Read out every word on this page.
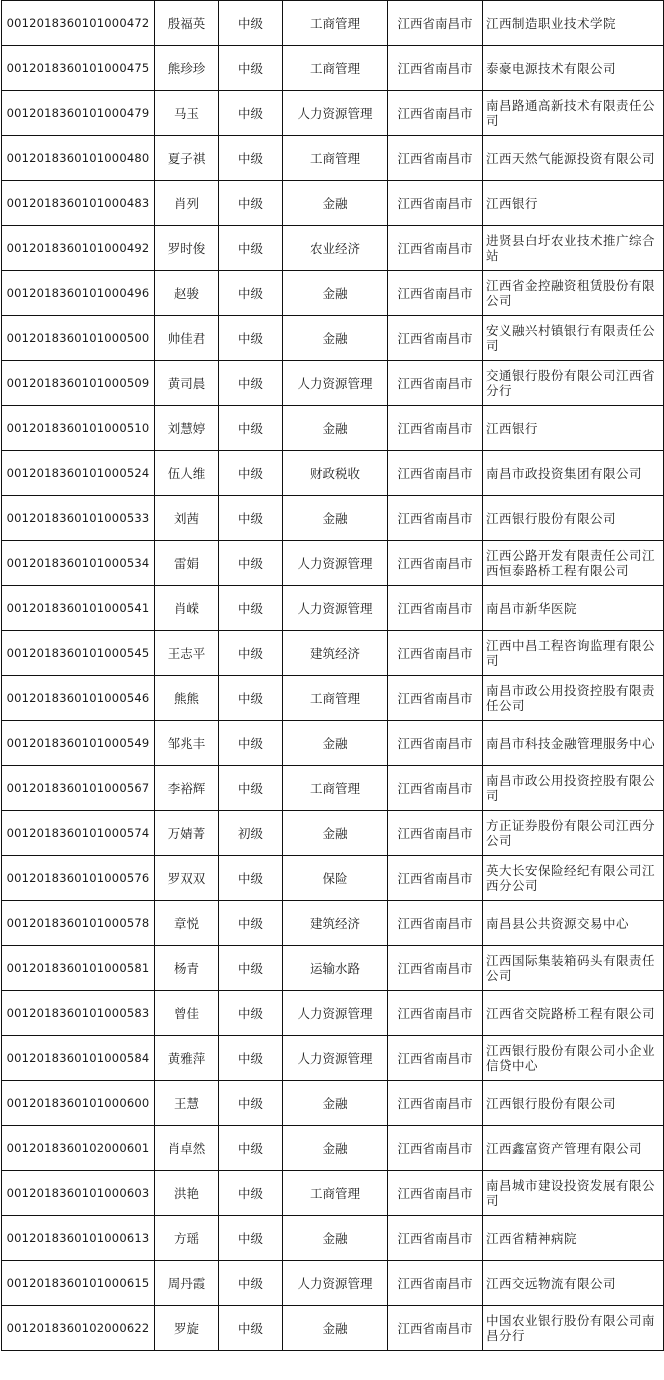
0012018360101000472	殷福英	中级	工商管理	江西省南昌市	江西制造职业技术学院
0012018360101000475	熊珍珍	中级	工商管理	江西省南昌市	泰豪电源技术有限公司
0012018360101000479	马玉	中级	人力资源管理	江西省南昌市	南昌路通高新技术有限责任公司
0012018360101000480	夏子祺	中级	工商管理	江西省南昌市	江西天然气能源投资有限公司
0012018360101000483	肖列	中级	金融	江西省南昌市	江西银行
0012018360101000492	罗时俊	中级	农业经济	江西省南昌市	进贤县白圩农业技术推广综合站
0012018360101000496	赵骏	中级	金融	江西省南昌市	江西省金控融资租赁股份有限公司
0012018360101000500	帅佳君	中级	金融	江西省南昌市	安义融兴村镇银行有限责任公司
0012018360101000509	黄司晨	中级	人力资源管理	江西省南昌市	交通银行股份有限公司江西省分行
0012018360101000510	刘慧婷	中级	金融	江西省南昌市	江西银行
0012018360101000524	伍人维	中级	财政税收	江西省南昌市	南昌市政投资集团有限公司
0012018360101000533	刘茜	中级	金融	江西省南昌市	江西银行股份有限公司
0012018360101000534	雷娟	中级	人力资源管理	江西省南昌市	江西公路开发有限责任公司江西恒泰路桥工程有限公司
0012018360101000541	肖嵘	中级	人力资源管理	江西省南昌市	南昌市新华医院
0012018360101000545	王志平	中级	建筑经济	江西省南昌市	江西中昌工程咨询监理有限公司
0012018360101000546	熊熊	中级	工商管理	江西省南昌市	南昌市政公用投资控股有限责任公司
0012018360101000549	邹兆丰	中级	金融	江西省南昌市	南昌市科技金融管理服务中心
0012018360101000567	李裕辉	中级	工商管理	江西省南昌市	南昌市政公用投资控股有限公司
0012018360101000574	万婧菁	初级	金融	江西省南昌市	方正证券股份有限公司江西分公司
0012018360101000576	罗双双	中级	保险	江西省南昌市	英大长安保险经纪有限公司江西分公司
0012018360101000578	章悦	中级	建筑经济	江西省南昌市	南昌县公共资源交易中心
0012018360101000581	杨青	中级	运输水路	江西省南昌市	江西国际集装箱码头有限责任公司
0012018360101000583	曾佳	中级	人力资源管理	江西省南昌市	江西省交院路桥工程有限公司
0012018360101000584	黄雅萍	中级	人力资源管理	江西省南昌市	江西银行股份有限公司小企业信贷中心
0012018360101000600	王慧	中级	金融	江西省南昌市	江西银行股份有限公司
0012018360102000601	肖卓然	中级	金融	江西省南昌市	江西鑫富资产管理有限公司
0012018360101000603	洪艳	中级	工商管理	江西省南昌市	南昌城市建设投资发展有限公司
0012018360101000613	方瑶	中级	金融	江西省南昌市	江西省精神病院
0012018360101000615	周丹霞	中级	人力资源管理	江西省南昌市	江西交远物流有限公司
0012018360102000622	罗旋	中级	金融	江西省南昌市	中国农业银行股份有限公司南昌分行
